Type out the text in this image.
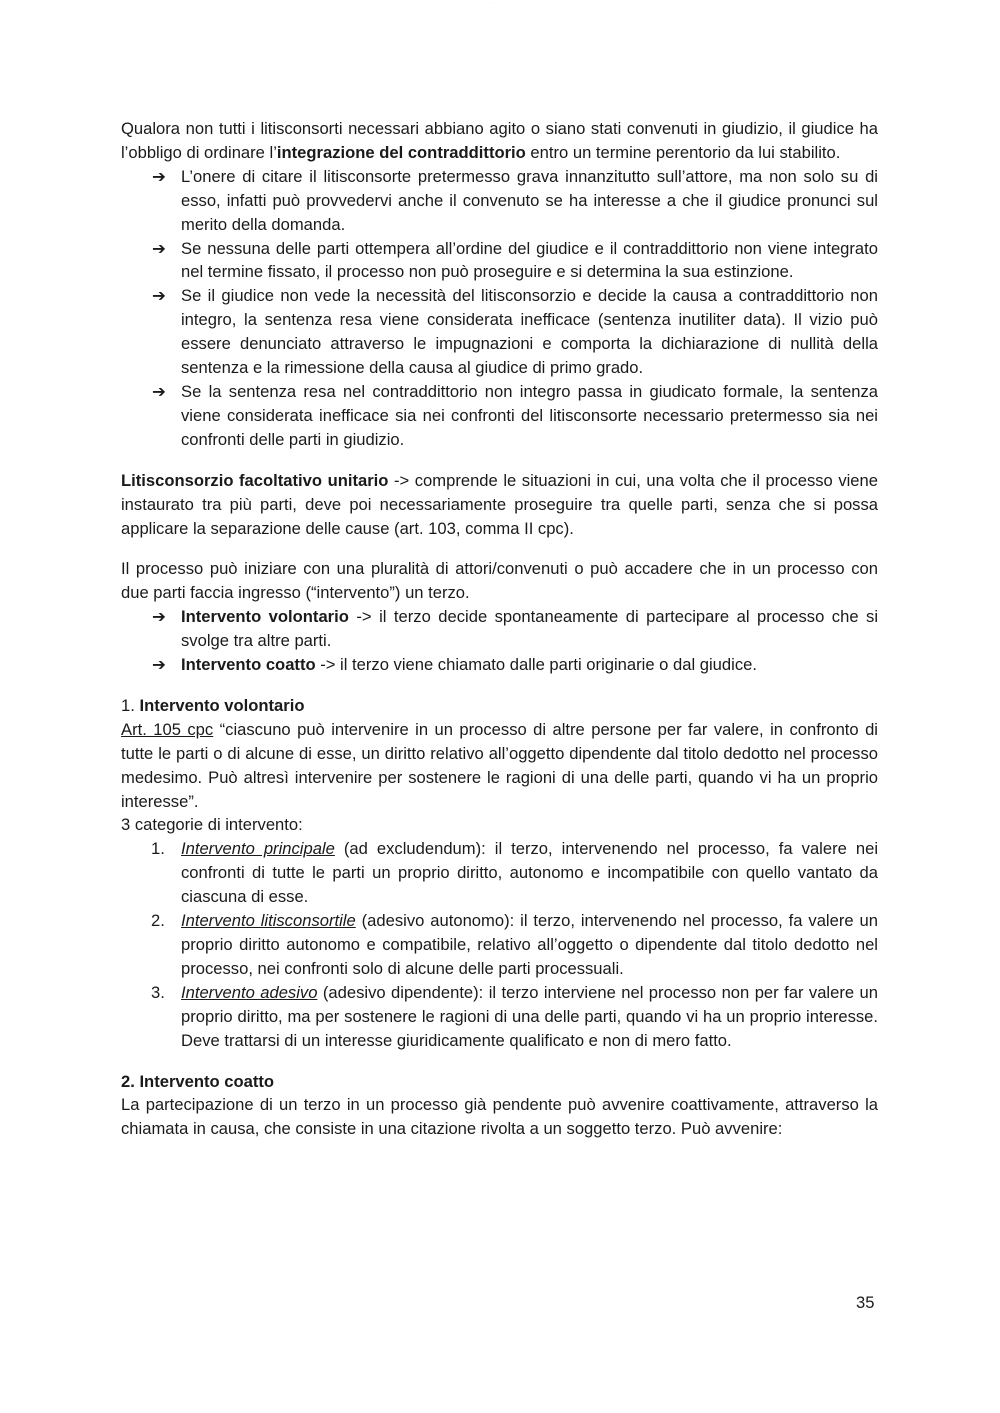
· · · ·

Qualora non tutti i litisconsorti necessari abbiano agito o siano stati convenuti in giudizio, il giudice ha l’obbligo di ordinare l’integrazione del contraddittorio entro un termine perentorio da lui stabilito.

➔ L’onere di citare il litisconsorte pretermesso grava innanzitutto sull’attore, ma non solo su di esso, infatti può provvedervi anche il convenuto se ha interesse a che il giudice pronunci sul merito della domanda.
➔ Se nessuna delle parti ottempera all’ordine del giudice e il contraddittorio non viene integrato nel termine fissato, il processo non può proseguire e si determina la sua estinzione.
➔ Se il giudice non vede la necessità del litisconsorzio e decide la causa a contraddittorio non integro, la sentenza resa viene considerata inefficace (sentenza inutiliter data). Il vizio può essere denunciato attraverso le impugnazioni e comporta la dichiarazione di nullità della sentenza e la rimessione della causa al giudice di primo grado.
➔ Se la sentenza resa nel contraddittorio non integro passa in giudicato formale, la sentenza viene considerata inefficace sia nei confronti del litisconsorte necessario pretermesso sia nei confronti delle parti in giudizio.

Litisconsorzio facoltativo unitario -> comprende le situazioni in cui, una volta che il processo viene instaurato tra più parti, deve poi necessariamente proseguire tra quelle parti, senza che si possa applicare la separazione delle cause (art. 103, comma II cpc).

Il processo può iniziare con una pluralità di attori/convenuti o può accadere che in un processo con due parti faccia ingresso (“intervento”) un terzo.

➔ Intervento volontario -> il terzo decide spontaneamente di partecipare al processo che si svolge tra altre parti.
➔ Intervento coatto -> il terzo viene chiamato dalle parti originarie o dal giudice.

1. Intervento volontario

Art. 105 cpc “ciascuno può intervenire in un processo di altre persone per far valere, in confronto di tutte le parti o di alcune di esse, un diritto relativo all’oggetto dipendente dal titolo dedotto nel processo medesimo. Può altresì intervenire per sostenere le ragioni di una delle parti, quando vi ha un proprio interesse”.

3 categorie di intervento:

1. Intervento principale (ad excludendum): il terzo, intervenendo nel processo, fa valere nei confronti di tutte le parti un proprio diritto, autonomo e incompatibile con quello vantato da ciascuna di esse.
2. Intervento litisconsortile (adesivo autonomo): il terzo, intervenendo nel processo, fa valere un proprio diritto autonomo e compatibile, relativo all’oggetto o dipendente dal titolo dedotto nel processo, nei confronti solo di alcune delle parti processuali.
3. Intervento adesivo (adesivo dipendente): il terzo interviene nel processo non per far valere un proprio diritto, ma per sostenere le ragioni di una delle parti, quando vi ha un proprio interesse. Deve trattarsi di un interesse giuridicamente qualificato e non di mero fatto.

2. Intervento coatto

La partecipazione di un terzo in un processo già pendente può avvenire coattivamente, attraverso la chiamata in causa, che consiste in una citazione rivolta a un soggetto terzo. Può avvenire:

35
